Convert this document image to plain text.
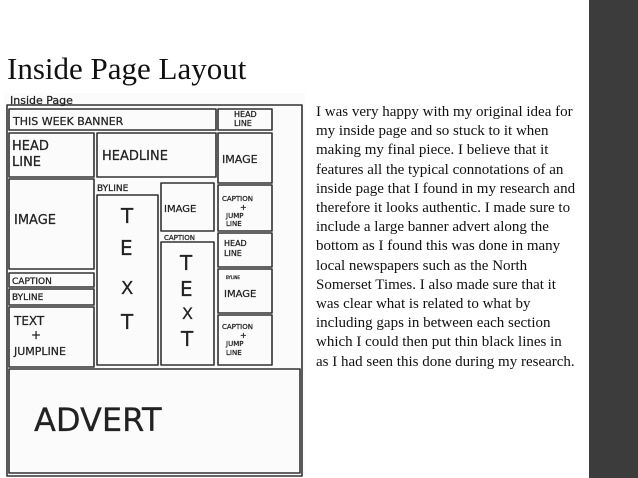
Inside Page Layout

I was very happy with my original idea for my inside page and so stuck to it when making my final piece. I believe that it features all the typical connotations of an inside page that I found in my research and therefore it looks authentic. I made sure to include a large banner advert along the bottom as I found this was done in many local newspapers such as the North Somerset Times. I also made sure that it was clear what is related to what by including gaps in between each section which I could then put thin black lines in as I had seen this done during my research.

Inside Page
THIS WEEK BANNER
HEAD
LINE
HEAD
LINE	HEADLINE	IMAGE
IMAGE
BYLINE
T
E
X
T
IMAGE
CAPTION
T
E
X
T
CAPTION
+
JUMP
LINE
HEAD
LINE
BYLINE
IMAGE
CAPTION
+
JUMP
LINE
CAPTION
BYLINE
TEXT
+
JUMPLINE
ADVERT
